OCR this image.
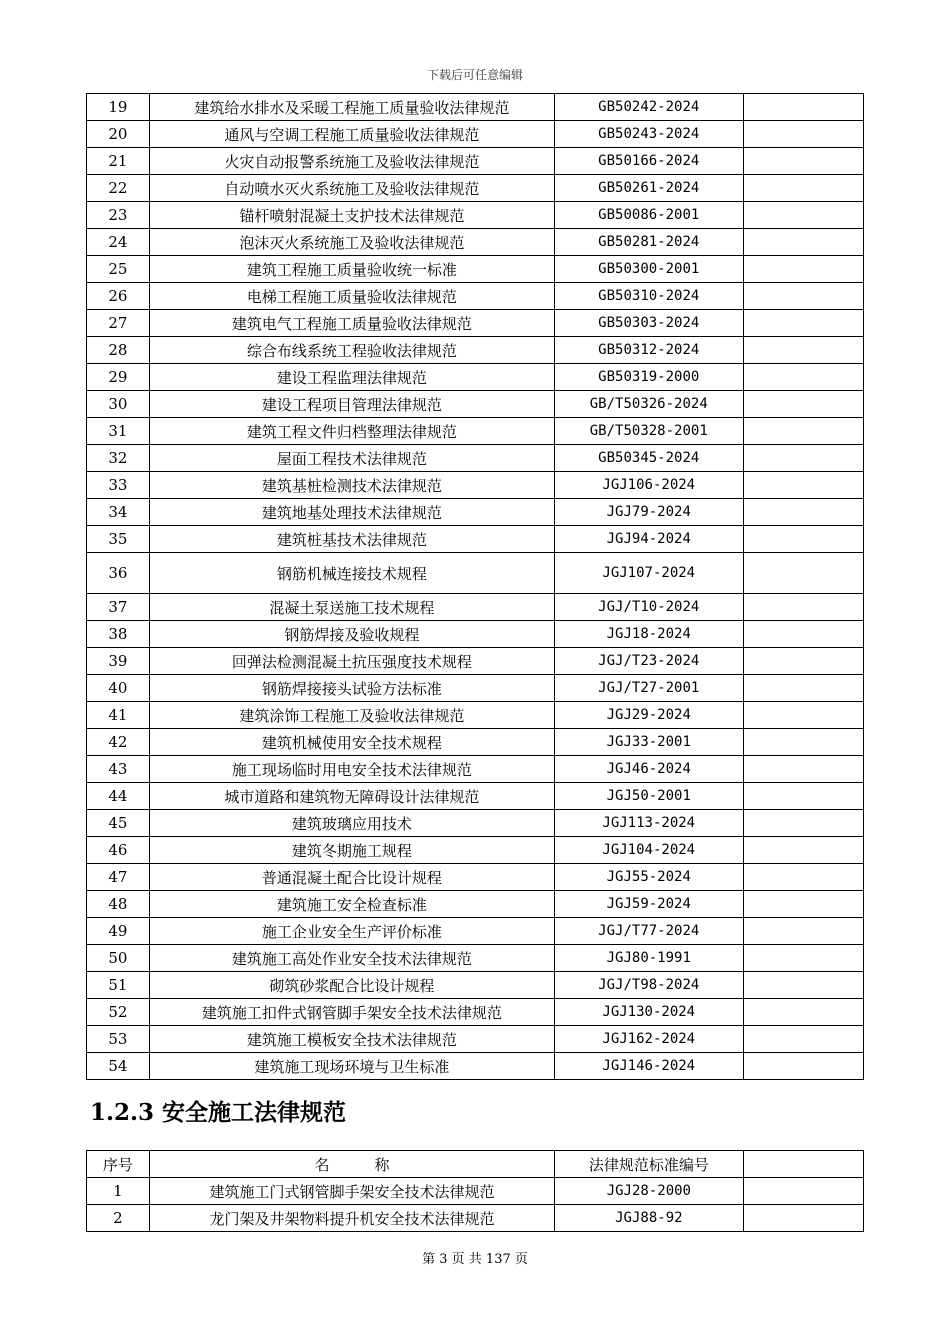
下载后可任意编辑
19	建筑给水排水及采暖工程施工质量验收法律规范	GB50242-2024	
20	通风与空调工程施工质量验收法律规范	GB50243-2024	
21	火灾自动报警系统施工及验收法律规范	GB50166-2024	
22	自动喷水灭火系统施工及验收法律规范	GB50261-2024	
23	锚杆喷射混凝土支护技术法律规范	GB50086-2001	
24	泡沫灭火系统施工及验收法律规范	GB50281-2024	
25	建筑工程施工质量验收统一标准	GB50300-2001	
26	电梯工程施工质量验收法律规范	GB50310-2024	
27	建筑电气工程施工质量验收法律规范	GB50303-2024	
28	综合布线系统工程验收法律规范	GB50312-2024	
29	建设工程监理法律规范	GB50319-2000	
30	建设工程项目管理法律规范	GB/T50326-2024	
31	建筑工程文件归档整理法律规范	GB/T50328-2001	
32	屋面工程技术法律规范	GB50345-2024	
33	建筑基桩检测技术法律规范	JGJ106-2024	
34	建筑地基处理技术法律规范	JGJ79-2024	
35	建筑桩基技术法律规范	JGJ94-2024	
36	钢筋机械连接技术规程	JGJ107-2024	
37	混凝土泵送施工技术规程	JGJ/T10-2024	
38	钢筋焊接及验收规程	JGJ18-2024	
39	回弹法检测混凝土抗压强度技术规程	JGJ/T23-2024	
40	钢筋焊接接头试验方法标准	JGJ/T27-2001	
41	建筑涂饰工程施工及验收法律规范	JGJ29-2024	
42	建筑机械使用安全技术规程	JGJ33-2001	
43	施工现场临时用电安全技术法律规范	JGJ46-2024	
44	城市道路和建筑物无障碍设计法律规范	JGJ50-2001	
45	建筑玻璃应用技术	JGJ113-2024	
46	建筑冬期施工规程	JGJ104-2024	
47	普通混凝土配合比设计规程	JGJ55-2024	
48	建筑施工安全检查标准	JGJ59-2024	
49	施工企业安全生产评价标准	JGJ/T77-2024	
50	建筑施工高处作业安全技术法律规范	JGJ80-1991	
51	砌筑砂浆配合比设计规程	JGJ/T98-2024	
52	建筑施工扣件式钢管脚手架安全技术法律规范	JGJ130-2024	
53	建筑施工模板安全技术法律规范	JGJ162-2024	
54	建筑施工现场环境与卫生标准	JGJ146-2024	
1.2.3 安全施工法律规范
序号	名　　　称	法律规范标准编号	
1	建筑施工门式钢管脚手架安全技术法律规范	JGJ28-2000	
2	龙门架及井架物料提升机安全技术法律规范	JGJ88-92	
第 3 页 共 137 页
